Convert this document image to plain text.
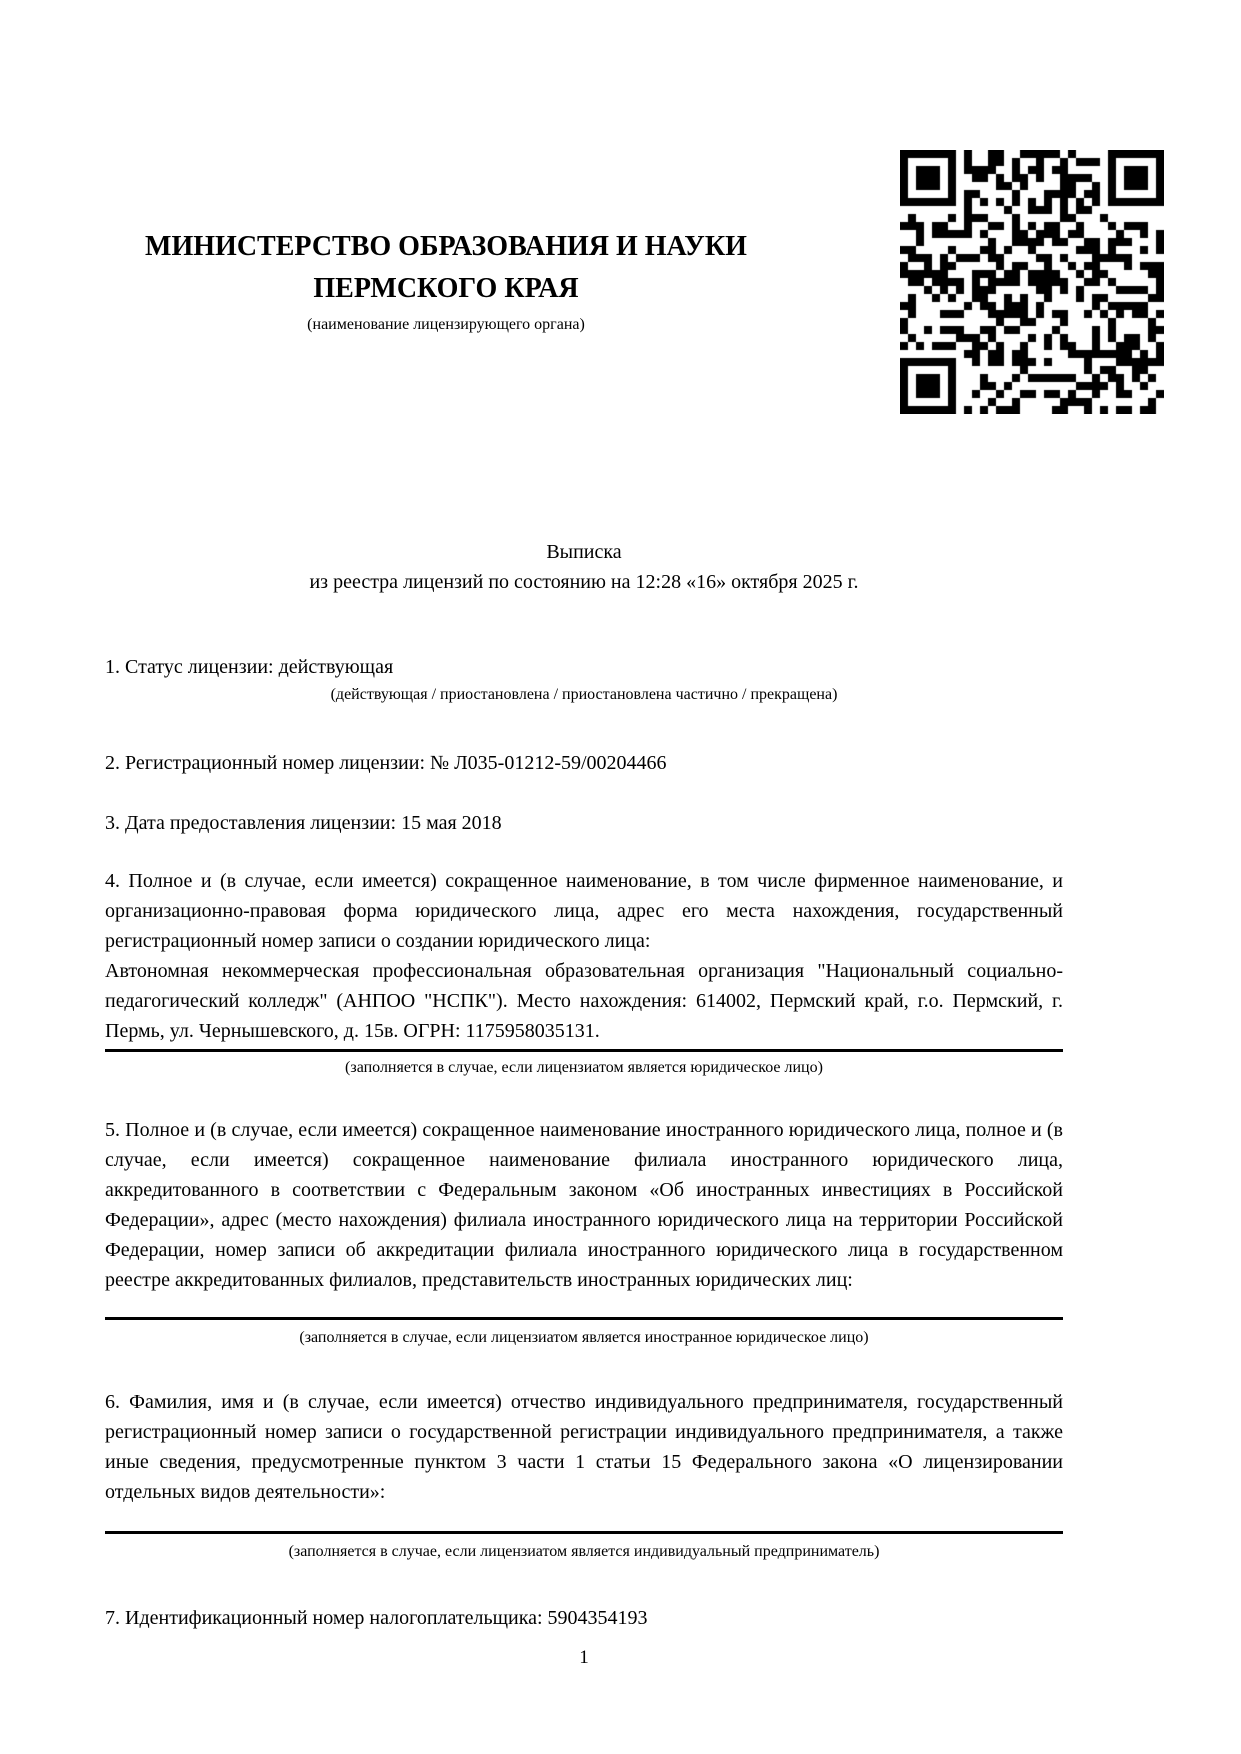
МИНИСТЕРСТВО ОБРАЗОВАНИЯ И НАУКИ
ПЕРМСКОГО КРАЯ
(наименование лицензирующего органа)
Выписка
из реестра лицензий по состоянию на 12:28 «16» октября 2025 г.

1. Статус лицензии: действующая

(действующая / приостановлена / приостановлена частично / прекращена)

2. Регистрационный номер лицензии: № Л035-01212-59/00204466

3. Дата предоставления лицензии: 15 мая 2018

4. Полное и (в случае, если имеется) сокращенное наименование, в том числе фирменное наименование, и организационно-правовая форма юридического лица, адрес его места нахождения, государственный регистрационный номер записи о создании юридического лица:

Автономная некоммерческая профессиональная образовательная организация "Национальный социально-педагогический колледж" (АНПОО "НСПК"). Место нахождения: 614002, Пермский край, г.о. Пермский, г. Пермь, ул. Чернышевского, д. 15в. ОГРН: 1175958035131.

(заполняется в случае, если лицензиатом является юридическое лицо)

5. Полное и (в случае, если имеется) сокращенное наименование иностранного юридического лица, полное и (в случае, если имеется) сокращенное наименование филиала иностранного юридического лица, аккредитованного в соответствии с Федеральным законом «Об иностранных инвестициях в Российской Федерации», адрес (место нахождения) филиала иностранного юридического лица на территории Российской Федерации, номер записи об аккредитации филиала иностранного юридического лица в государственном реестре аккредитованных филиалов, представительств иностранных юридических лиц:

(заполняется в случае, если лицензиатом является иностранное юридическое лицо)

6. Фамилия, имя и (в случае, если имеется) отчество индивидуального предпринимателя, государственный регистрационный номер записи о государственной регистрации индивидуального предпринимателя, а также иные сведения, предусмотренные пунктом 3 части 1 статьи 15 Федерального закона «О лицензировании отдельных видов деятельности»:

(заполняется в случае, если лицензиатом является индивидуальный предприниматель)

7. Идентификационный номер налогоплательщика: 5904354193

1
